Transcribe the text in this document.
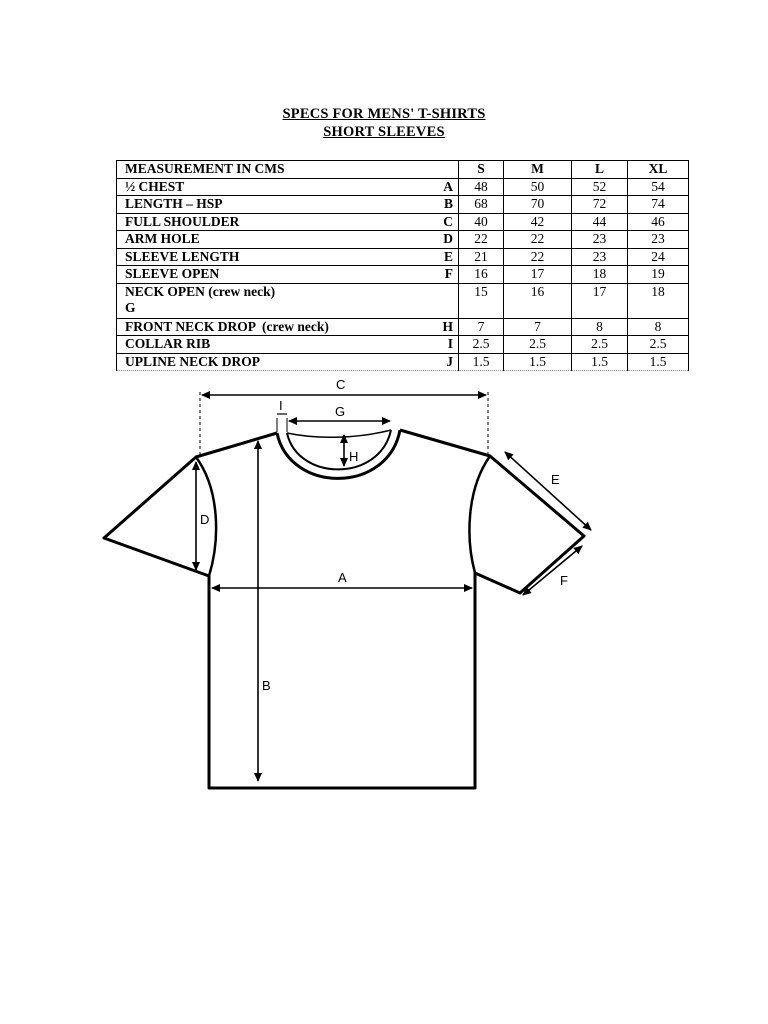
SPECS FOR MENS' T-SHIRTS
SHORT SLEEVES
MEASUREMENT IN CMS	S	M	L	XL
½ CHEST A	48	50	52	54
LENGTH – HSP B	68	70	72	74
FULL SHOULDER C	40	42	44	46
ARM HOLE D	22	22	23	23
SLEEVE LENGTH E	21	22	23	24
SLEEVE OPEN F	16	17	18	19
NECK OPEN (crew neck)
G	15	16	17	18
FRONT NECK DROP  (crew neck) H	7	7	8	8
COLLAR RIB I	2.5	2.5	2.5	2.5
UPLINE NECK DROP J	1.5	1.5	1.5	1.5
C
I	G
H
A
B
D
E
F
